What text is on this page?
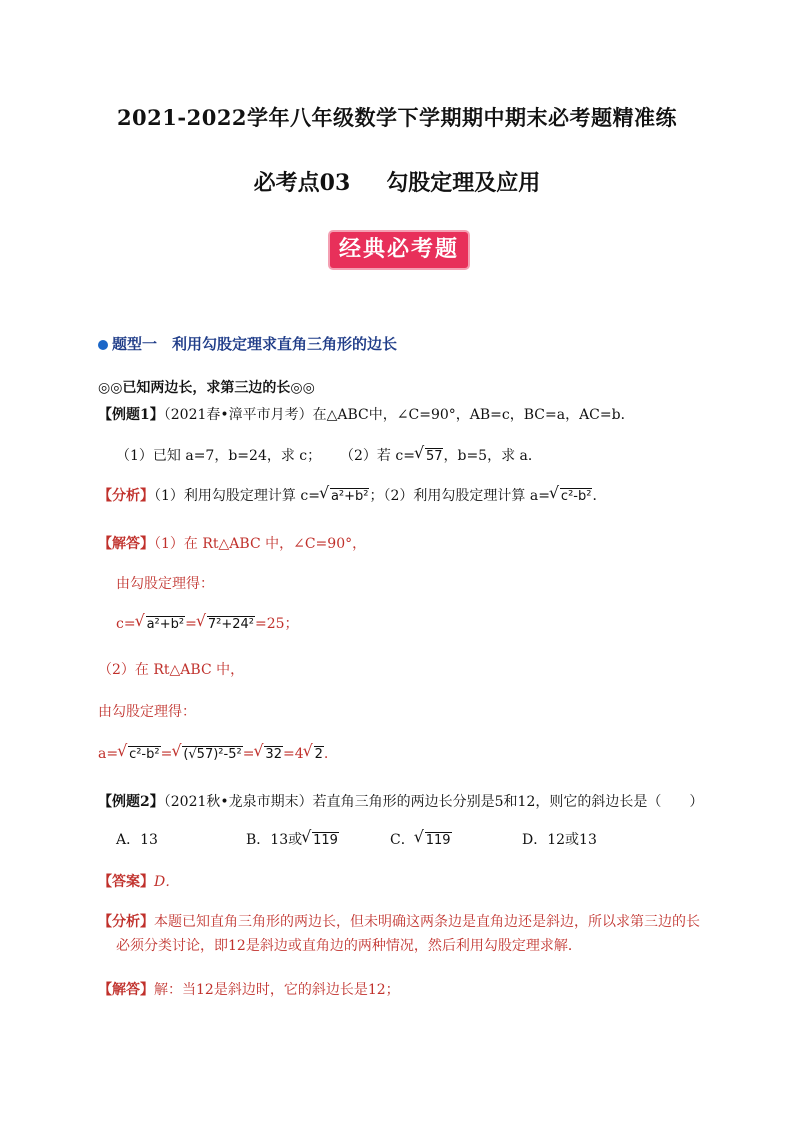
2021-2022学年八年级数学下学期期中期末必考题精准练
必考点03 勾股定理及应用
经典必考题
题型一　利用勾股定理求直角三角形的边长
◎◎已知两边长，求第三边的长◎◎
【例题1】（2021春•漳平市月考）在△ABC中，∠C=90°，AB=c，BC=a，AC=b．
（1）已知 a=7，b=24，求 c； （2）若 c= √ 57，b=5，求 a．
【分析】（1）利用勾股定理计算 c= √ a²+b²；（2）利用勾股定理计算 a= √ c²-b²．
【解答】（1）在 Rt△ABC 中，∠C=90°，
由勾股定理得：
c= √ a²+b²= √ 7²+24²=25；
（2）在 Rt△ABC 中，
由勾股定理得：
a= √ c²-b²= √ (√57)²-5²= √ 32=4 √ 2.
【例题2】（2021秋•龙泉市期末）若直角三角形的两边长分别是5和12，则它的斜边长是（　　）
A．13	B．13或 √ 119	C． √ 119	D．12或13
【答案】D．
【分析】本题已知直角三角形的两边长，但未明确这两条边是直角边还是斜边，所以求第三边的长
必须分类讨论，即12是斜边或直角边的两种情况，然后利用勾股定理求解．
【解答】解：当12是斜边时，它的斜边长是12；
